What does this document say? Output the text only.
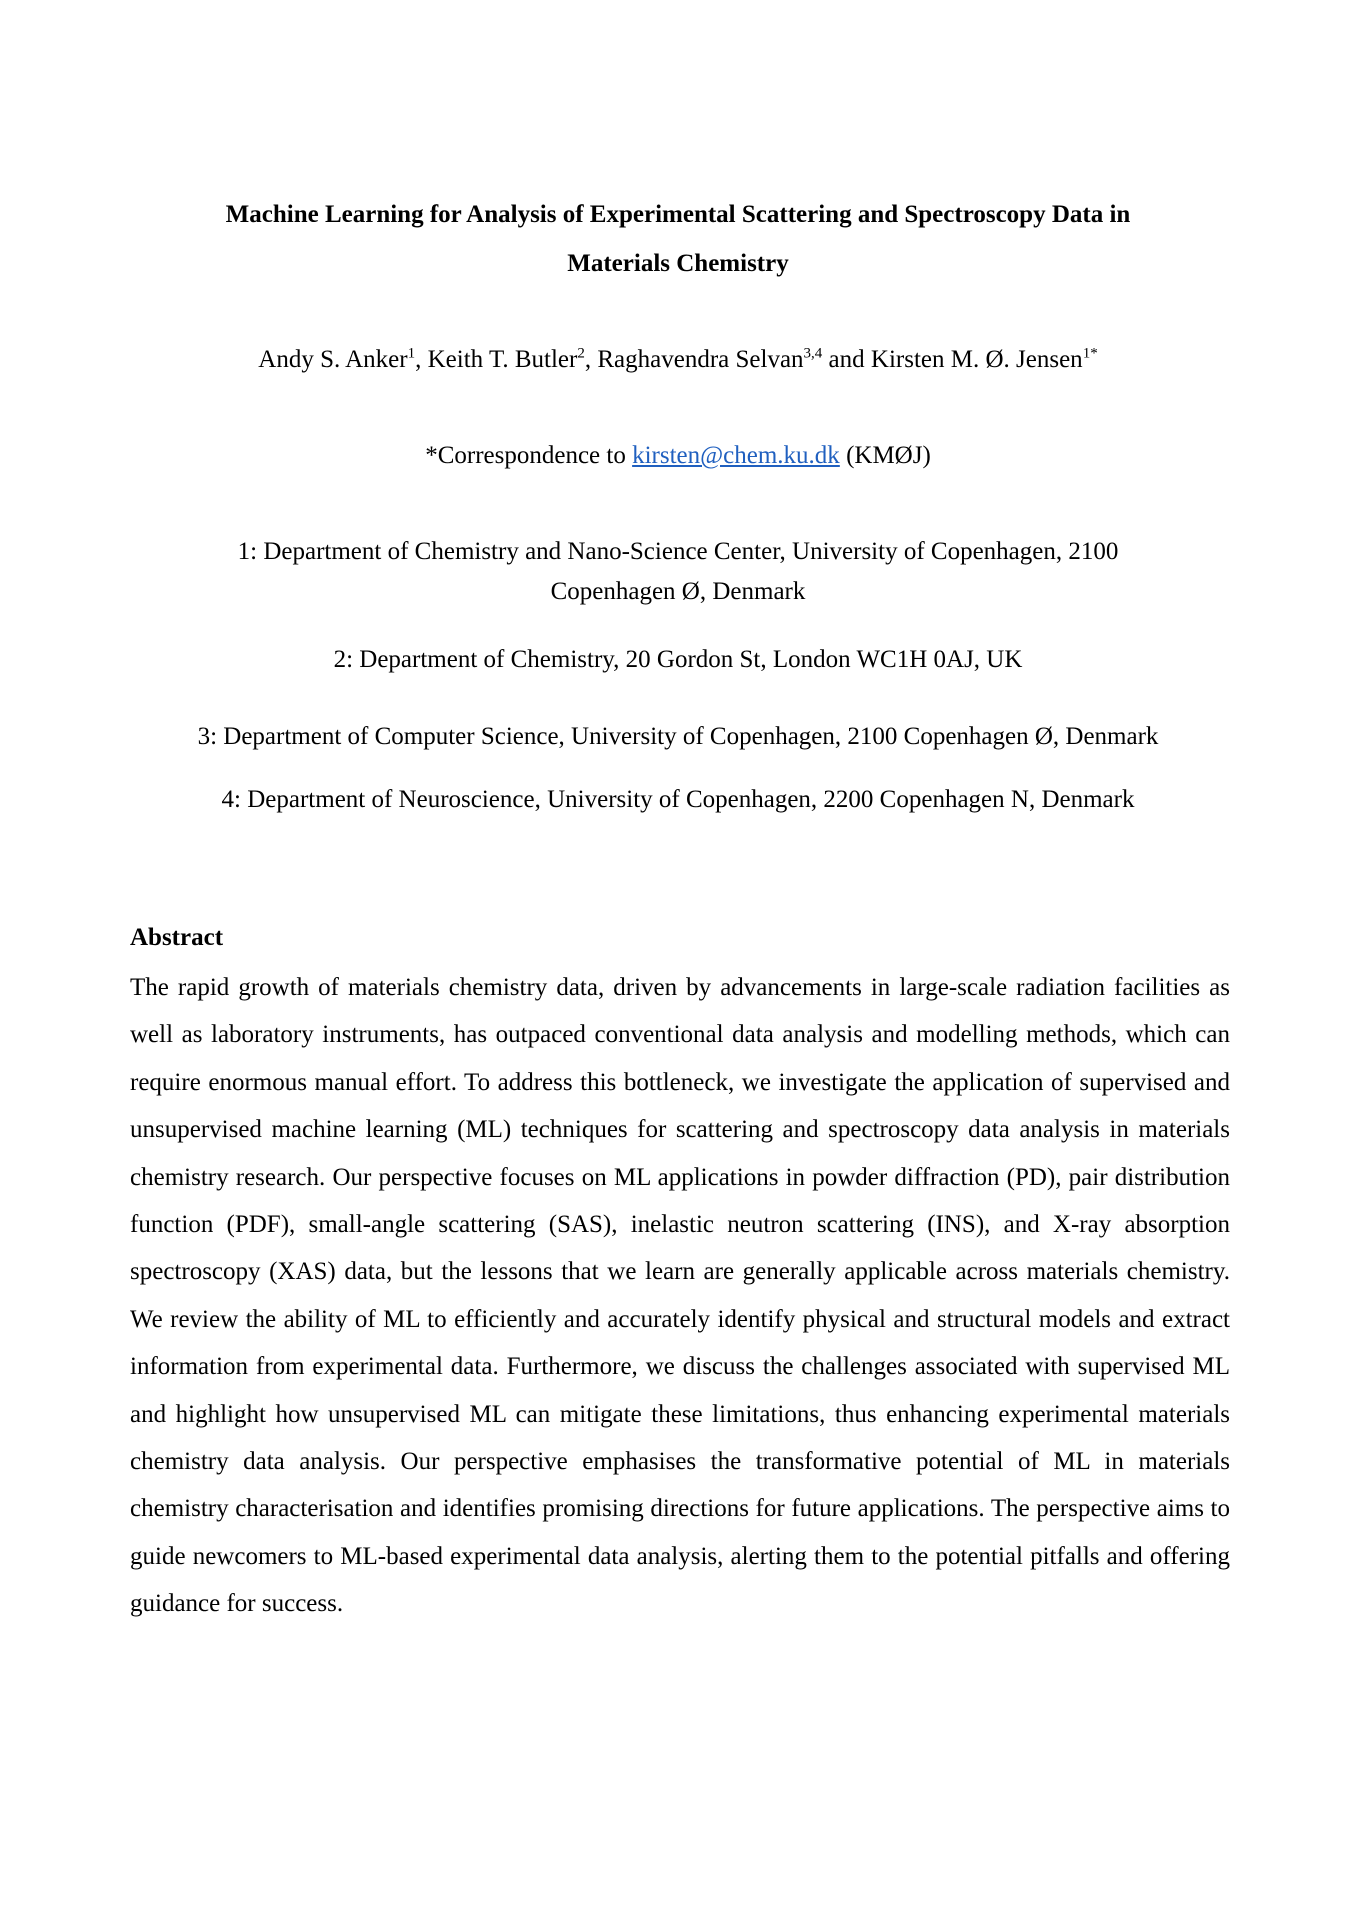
Machine Learning for Analysis of Experimental Scattering and Spectroscopy Data in
Materials Chemistry
Andy S. Anker$^1$, Keith T. Butler$^2$, Raghavendra Selvan$^{3,4}$ and Kirsten M. Ø. Jensen$^{1*}$
*Correspondence to kirsten@chem.ku.dk (KMØJ)
1: Department of Chemistry and Nano-Science Center, University of Copenhagen, 2100
Copenhagen Ø, Denmark
2: Department of Chemistry, 20 Gordon St, London WC1H 0AJ, UK
3: Department of Computer Science, University of Copenhagen, 2100 Copenhagen Ø, Denmark
4: Department of Neuroscience, University of Copenhagen, 2200 Copenhagen N, Denmark
Abstract
The rapid growth of materials chemistry data, driven by advancements in large-scale radiation facilities as well as laboratory instruments, has outpaced conventional data analysis and modelling methods, which can require enormous manual effort. To address this bottleneck, we investigate the application of supervised and unsupervised machine learning (ML) techniques for scattering and spectroscopy data analysis in materials chemistry research. Our perspective focuses on ML applications in powder diffraction (PD), pair distribution function (PDF), small-angle scattering (SAS), inelastic neutron scattering (INS), and X-ray absorption spectroscopy (XAS) data, but the lessons that we learn are generally applicable across materials chemistry. We review the ability of ML to efficiently and accurately identify physical and structural models and extract information from experimental data. Furthermore, we discuss the challenges associated with supervised ML and highlight how unsupervised ML can mitigate these limitations, thus enhancing experimental materials chemistry data analysis. Our perspective emphasises the transformative potential of ML in materials chemistry characterisation and identifies promising directions for future applications. The perspective aims to guide newcomers to ML-based experimental data analysis, alerting them to the potential pitfalls and offering guidance for success.
